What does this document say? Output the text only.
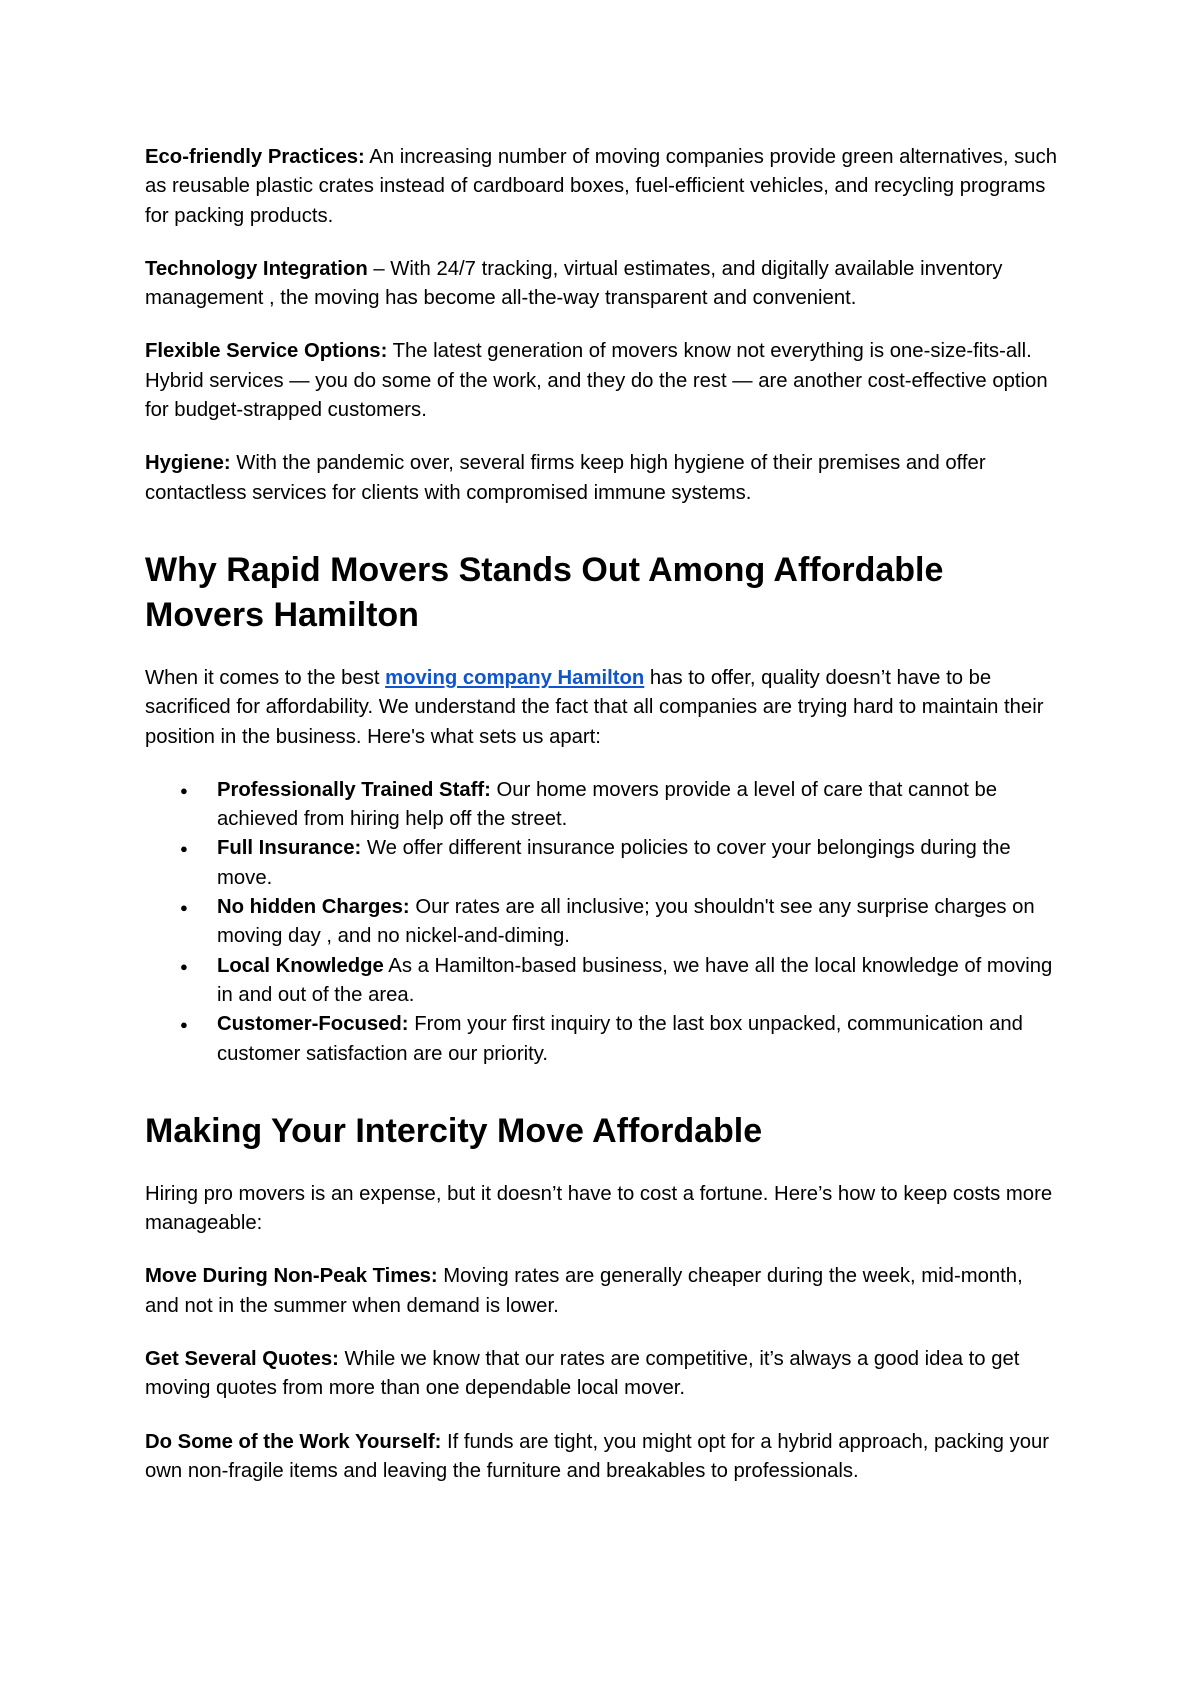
Eco-friendly Practices: An increasing number of moving companies provide green alternatives, such as reusable plastic crates instead of cardboard boxes, fuel-efficient vehicles, and recycling programs for packing products.

Technology Integration – With 24/7 tracking, virtual estimates, and digitally available inventory management , the moving has become all-the-way transparent and convenient.

Flexible Service Options: The latest generation of movers know not everything is one-size-fits-all. Hybrid services — you do some of the work, and they do the rest — are another cost-effective option for budget-strapped customers.

Hygiene: With the pandemic over, several firms keep high hygiene of their premises and offer contactless services for clients with compromised immune systems.

Why Rapid Movers Stands Out Among Affordable Movers Hamilton

When it comes to the best moving company Hamilton has to offer, quality doesn’t have to be sacrificed for affordability. We understand the fact that all companies are trying hard to maintain their position in the business. Here's what sets us apart:

● Professionally Trained Staff: Our home movers provide a level of care that cannot be achieved from hiring help off the street.
● Full Insurance: We offer different insurance policies to cover your belongings during the move.
● No hidden Charges: Our rates are all inclusive; you shouldn't see any surprise charges on moving day , and no nickel-and-diming.
● Local Knowledge As a Hamilton-based business, we have all the local knowledge of moving in and out of the area.
● Customer-Focused: From your first inquiry to the last box unpacked, communication and customer satisfaction are our priority.
Making Your Intercity Move Affordable

Hiring pro movers is an expense, but it doesn’t have to cost a fortune. Here’s how to keep costs more manageable:

Move During Non-Peak Times: Moving rates are generally cheaper during the week, mid-month, and not in the summer when demand is lower.

Get Several Quotes: While we know that our rates are competitive, it’s always a good idea to get moving quotes from more than one dependable local mover.

Do Some of the Work Yourself: If funds are tight, you might opt for a hybrid approach, packing your own non-fragile items and leaving the furniture and breakables to professionals.
